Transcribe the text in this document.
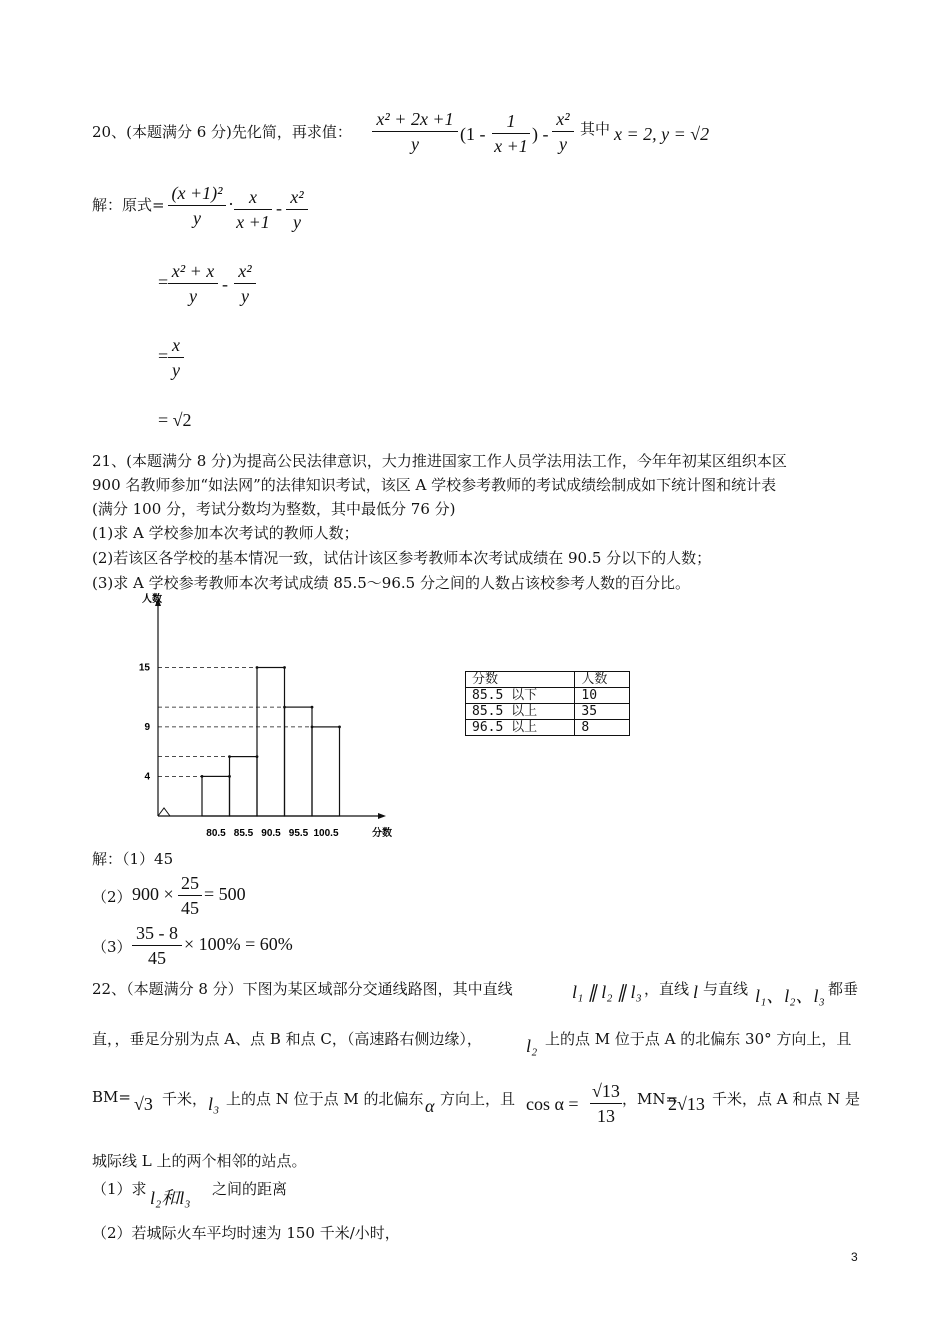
20、(本题满分 6 分)先化简，再求值：
x² + 2x +1
y	(1 -
1
x +1
) -
x²
y
其中 x = 2, y = √2
解：原式=
(x +1)²
y
· x
x +1
-
x²
y
=
x² + x
y
-
x²
y
=
x
y
= √2
21、(本题满分 8 分)为提高公民法律意识，大力推进国家工作人员学法用法工作，今年年初某区组织本区
900 名教师参加“如法网”的法律知识考试，该区 A 学校参考教师的考试成绩绘制成如下统计图和统计表
(满分 100 分，考试分数均为整数，其中最低分 76 分)
(1)求 A 学校参加本次考试的教师人数；
(2)若该区各学校的基本情况一致，试估计该区参考教师本次考试成绩在 90.5 分以下的人数；
(3)求 A 学校参考教师本次考试成绩 85.5～96.5 分之间的人数占该校参考人数的百分比。
4
9
15
80.5 85.5 90.5 95.5 100.5
人数
分数
分数	人数
85.5 以下	10
85.5 以上	35
96.5 以上	8
解：（1）45
（2） 900 ×
25
45
= 500
（3）
35 - 8
45
× 100% = 60%
22、（本题满分 8 分）下图为某区域部分交通线路图，其中直线	l₁ ∥ l₂ ∥ l₃ ，直线 l 与直线 l₁、l₂、l₃ 都垂
直，，垂足分别为点 A、点 B 和点 C，（高速路右侧边缘）， l₂ 上的点 M 位于点 A 的北偏东 30° 方向上，且
BM= √3 千米， l₃ 上的点 N 位于点 M 的北偏东 α 方向上，且 cos α =
√13
13
，MN=
2√13 千米，点 A 和点 N 是
城际线 L 上的两个相邻的站点。
（1）求 l₂和l₃ 之间的距离
（2）若城际火车平均时速为 150 千米/小时，
3
